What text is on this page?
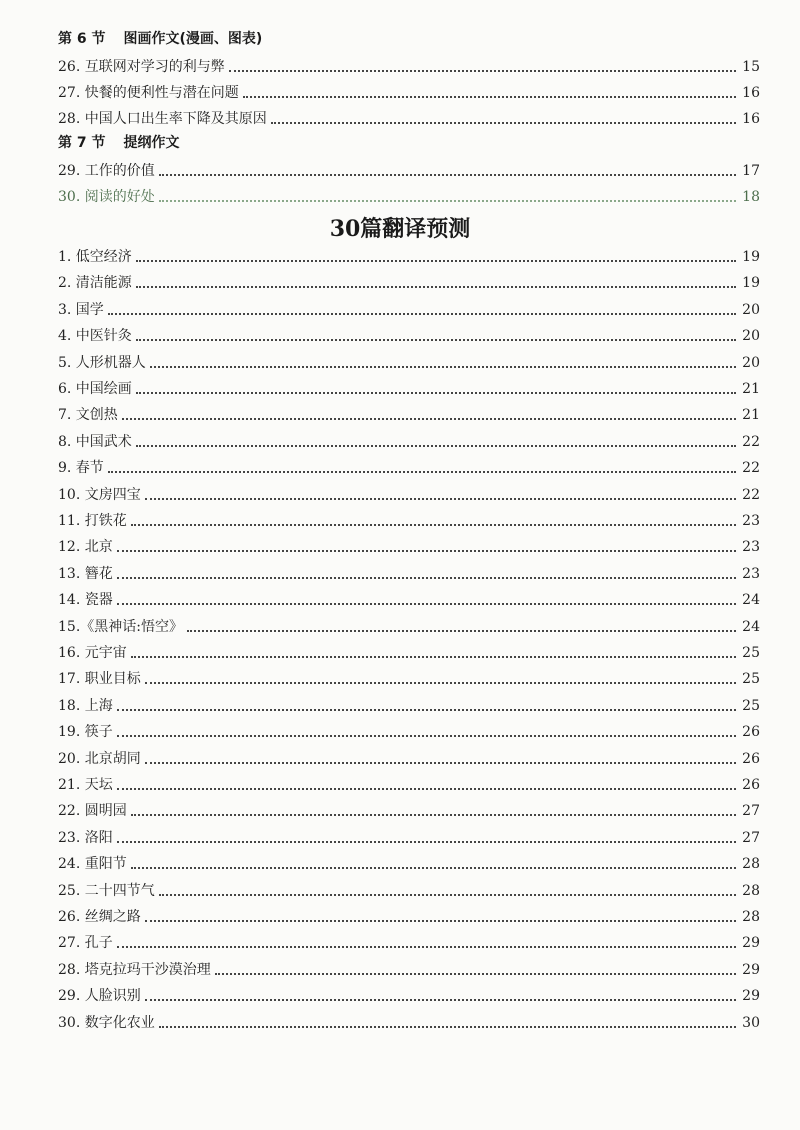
第 6 节 图画作文(漫画、图表)
26. 互联网对学习的利与弊	15
27. 快餐的便利性与潜在问题	16
28. 中国人口出生率下降及其原因	16
第 7 节 提纲作文
29. 工作的价值	17
30. 阅读的好处	18
30篇翻译预测
1. 低空经济	19
2. 清洁能源	19
3. 国学	20
4. 中医针灸	20
5. 人形机器人	20
6. 中国绘画	21
7. 文创热	21
8. 中国武术	22
9. 春节	22
10. 文房四宝	22
11. 打铁花	23
12. 北京	23
13. 簪花	23
14. 瓷器	24
15.《黑神话:悟空》	24
16. 元宇宙	25
17. 职业目标	25
18. 上海	25
19. 筷子	26
20. 北京胡同	26
21. 天坛	26
22. 圆明园	27
23. 洛阳	27
24. 重阳节	28
25. 二十四节气	28
26. 丝绸之路	28
27. 孔子	29
28. 塔克拉玛干沙漠治理	29
29. 人脸识别	29
30. 数字化农业	30
